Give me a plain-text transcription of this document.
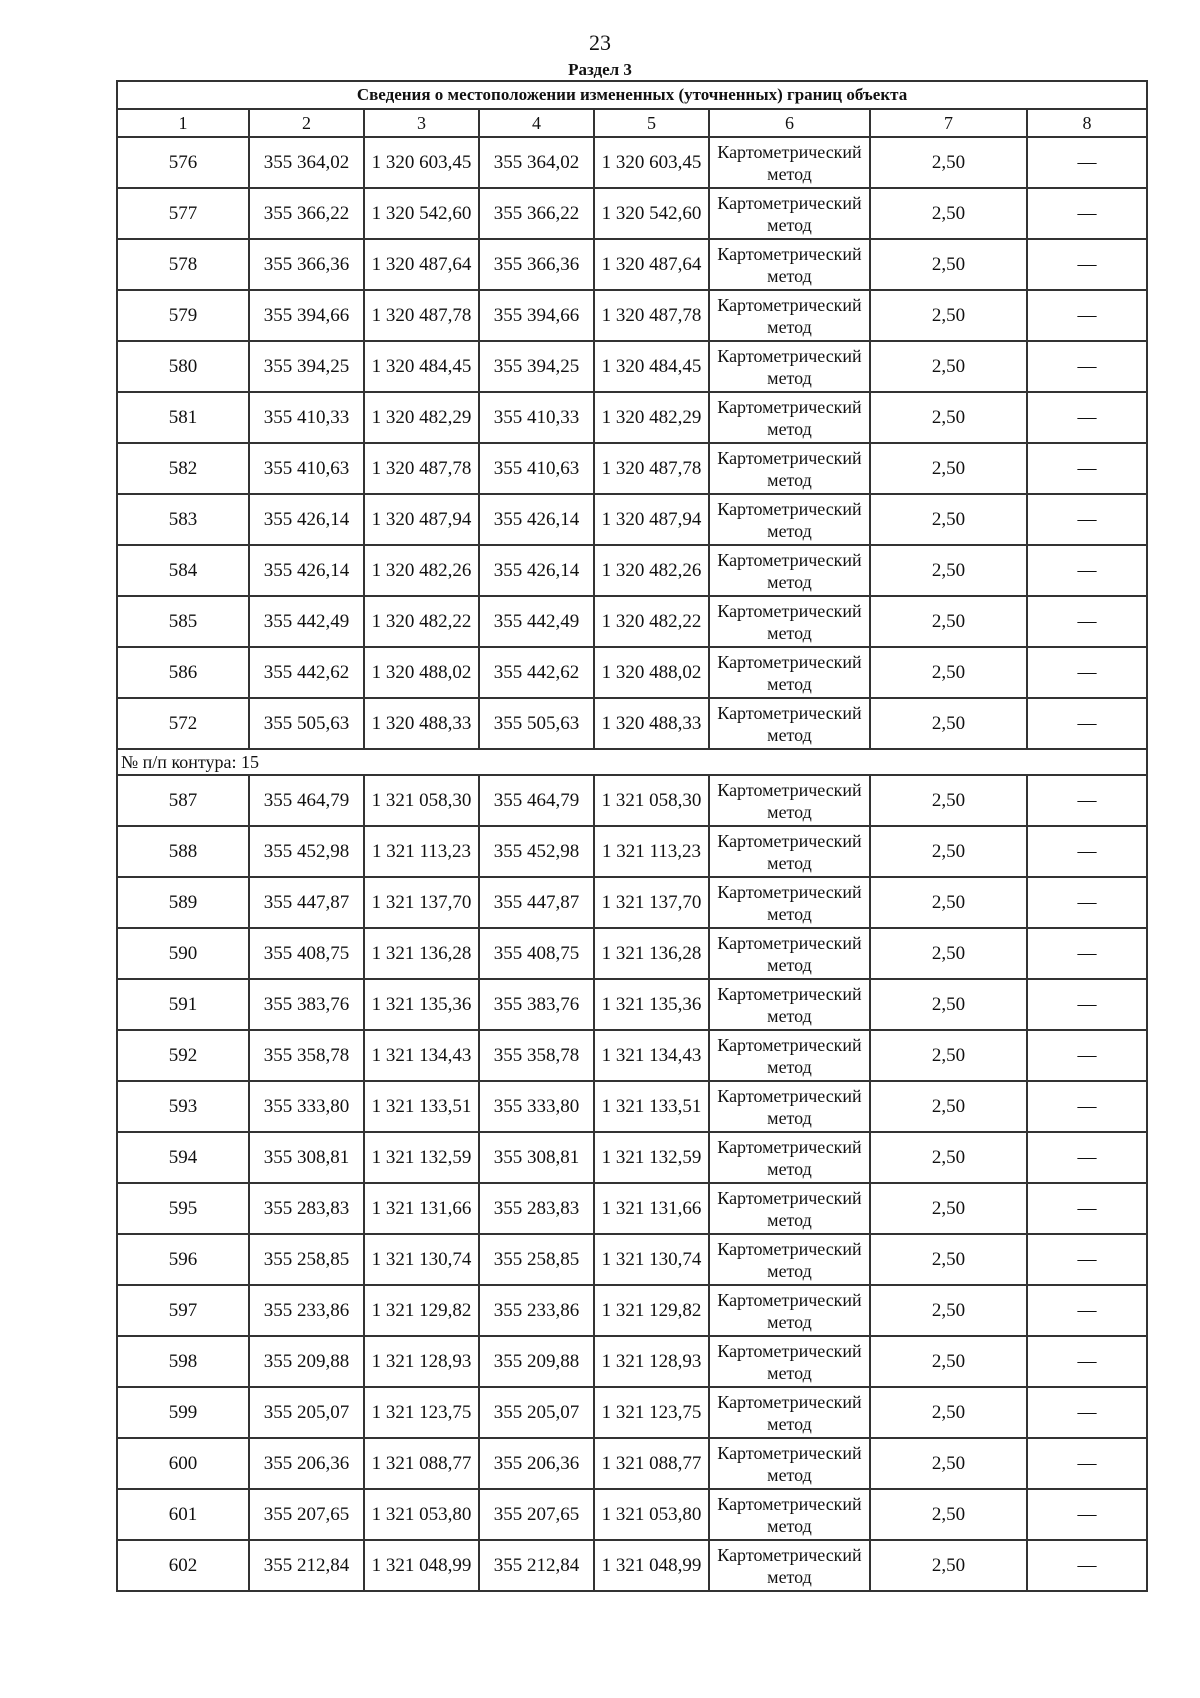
23
Раздел 3
Сведения о местоположении измененных (уточненных) границ объекта							
1	2	3	4	5	6	7	8
576	355 364,02	1 320 603,45	355 364,02	1 320 603,45	Картометрический метод	2,50	—
577	355 366,22	1 320 542,60	355 366,22	1 320 542,60	Картометрический метод	2,50	—
578	355 366,36	1 320 487,64	355 366,36	1 320 487,64	Картометрический метод	2,50	—
579	355 394,66	1 320 487,78	355 394,66	1 320 487,78	Картометрический метод	2,50	—
580	355 394,25	1 320 484,45	355 394,25	1 320 484,45	Картометрический метод	2,50	—
581	355 410,33	1 320 482,29	355 410,33	1 320 482,29	Картометрический метод	2,50	—
582	355 410,63	1 320 487,78	355 410,63	1 320 487,78	Картометрический метод	2,50	—
583	355 426,14	1 320 487,94	355 426,14	1 320 487,94	Картометрический метод	2,50	—
584	355 426,14	1 320 482,26	355 426,14	1 320 482,26	Картометрический метод	2,50	—
585	355 442,49	1 320 482,22	355 442,49	1 320 482,22	Картометрический метод	2,50	—
586	355 442,62	1 320 488,02	355 442,62	1 320 488,02	Картометрический метод	2,50	—
572	355 505,63	1 320 488,33	355 505,63	1 320 488,33	Картометрический метод	2,50	—
№ п/п контура: 15							
587	355 464,79	1 321 058,30	355 464,79	1 321 058,30	Картометрический метод	2,50	—
588	355 452,98	1 321 113,23	355 452,98	1 321 113,23	Картометрический метод	2,50	—
589	355 447,87	1 321 137,70	355 447,87	1 321 137,70	Картометрический метод	2,50	—
590	355 408,75	1 321 136,28	355 408,75	1 321 136,28	Картометрический метод	2,50	—
591	355 383,76	1 321 135,36	355 383,76	1 321 135,36	Картометрический метод	2,50	—
592	355 358,78	1 321 134,43	355 358,78	1 321 134,43	Картометрический метод	2,50	—
593	355 333,80	1 321 133,51	355 333,80	1 321 133,51	Картометрический метод	2,50	—
594	355 308,81	1 321 132,59	355 308,81	1 321 132,59	Картометрический метод	2,50	—
595	355 283,83	1 321 131,66	355 283,83	1 321 131,66	Картометрический метод	2,50	—
596	355 258,85	1 321 130,74	355 258,85	1 321 130,74	Картометрический метод	2,50	—
597	355 233,86	1 321 129,82	355 233,86	1 321 129,82	Картометрический метод	2,50	—
598	355 209,88	1 321 128,93	355 209,88	1 321 128,93	Картометрический метод	2,50	—
599	355 205,07	1 321 123,75	355 205,07	1 321 123,75	Картометрический метод	2,50	—
600	355 206,36	1 321 088,77	355 206,36	1 321 088,77	Картометрический метод	2,50	—
601	355 207,65	1 321 053,80	355 207,65	1 321 053,80	Картометрический метод	2,50	—
602	355 212,84	1 321 048,99	355 212,84	1 321 048,99	Картометрический метод	2,50	—
